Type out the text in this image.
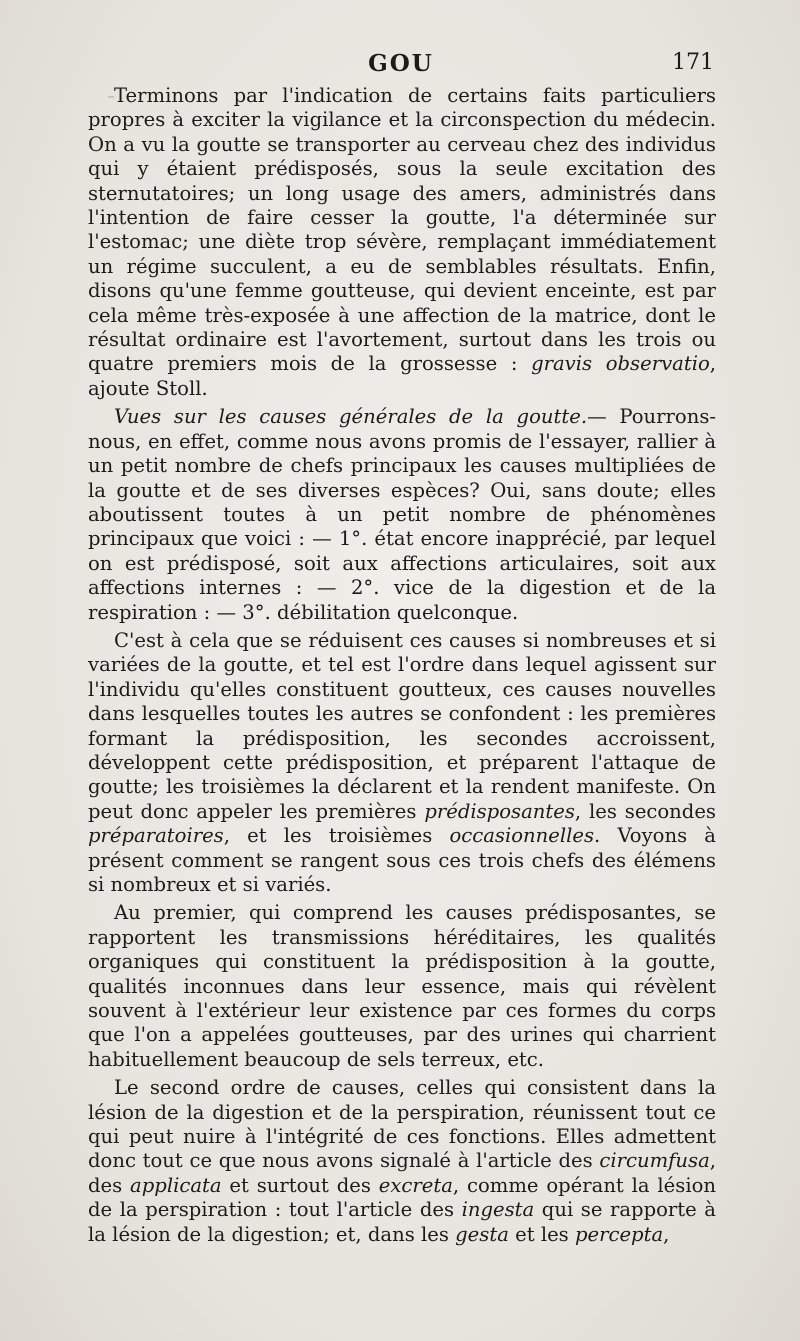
GOU	171

Terminons par l'indication de certains faits particuliers propres à exciter la vigilance et la circonspection du médecin. On a vu la goutte se transporter au cerveau chez des individus qui y étaient prédisposés, sous la seule excitation des sternutatoires; un long usage des amers, administrés dans l'intention de faire cesser la goutte, l'a déterminée sur l'estomac; une diète trop sévère, remplaçant immédiatement un régime succulent, a eu de semblables résultats. Enfin, disons qu'une femme goutteuse, qui devient enceinte, est par cela même très-exposée à une affection de la matrice, dont le résultat ordinaire est l'avortement, surtout dans les trois ou quatre premiers mois de la grossesse : gravis observatio, ajoute Stoll.

Vues sur les causes générales de la goutte.— Pourrons-nous, en effet, comme nous avons promis de l'essayer, rallier à un petit nombre de chefs principaux les causes multipliées de la goutte et de ses diverses espèces? Oui, sans doute; elles aboutissent toutes à un petit nombre de phénomènes principaux que voici : — 1°. état encore inapprécié, par lequel on est prédisposé, soit aux affections articulaires, soit aux affections internes : — 2°. vice de la digestion et de la respiration : — 3°. débilitation quelconque.

C'est à cela que se réduisent ces causes si nombreuses et si variées de la goutte, et tel est l'ordre dans lequel agissent sur l'individu qu'elles constituent goutteux, ces causes nouvelles dans lesquelles toutes les autres se confondent : les premières formant la prédisposition, les secondes accroissent, développent cette prédisposition, et préparent l'attaque de goutte; les troisièmes la déclarent et la rendent manifeste. On peut donc appeler les premières prédisposantes, les secondes préparatoires, et les troisièmes occasionnelles. Voyons à présent comment se rangent sous ces trois chefs des élémens si nombreux et si variés.

Au premier, qui comprend les causes prédisposantes, se rapportent les transmissions héréditaires, les qualités organiques qui constituent la prédisposition à la goutte, qualités inconnues dans leur essence, mais qui révèlent souvent à l'extérieur leur existence par ces formes du corps que l'on a appelées goutteuses, par des urines qui charrient habituellement beaucoup de sels terreux, etc.

Le second ordre de causes, celles qui consistent dans la lésion de la digestion et de la perspiration, réunissent tout ce qui peut nuire à l'intégrité de ces fonctions. Elles admettent donc tout ce que nous avons signalé à l'article des circumfusa, des applicata et surtout des excreta, comme opérant la lésion de la perspiration : tout l'article des ingesta qui se rapporte à la lésion de la digestion; et, dans les gesta et les percepta,
